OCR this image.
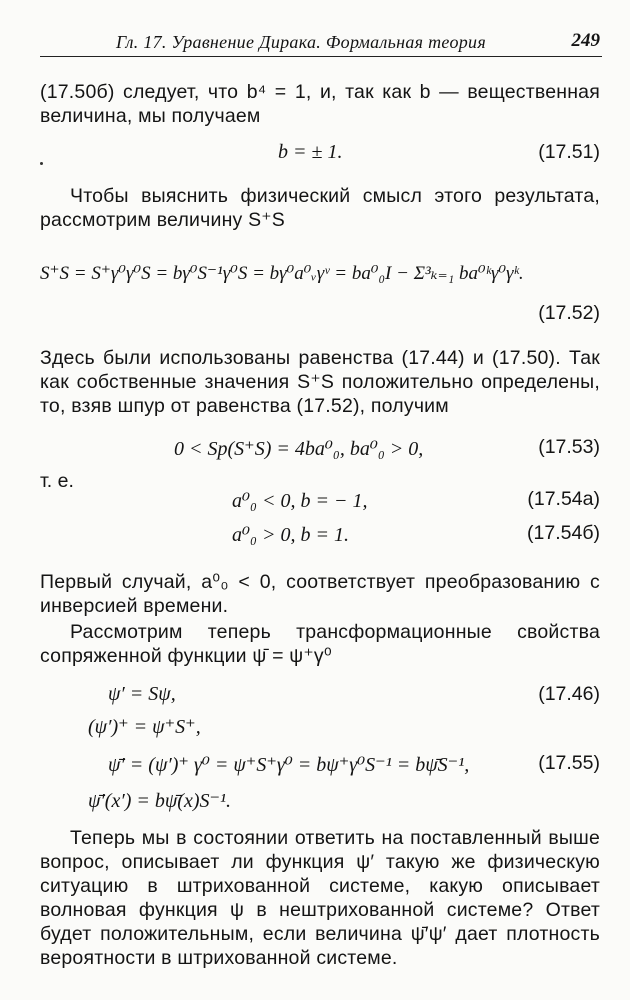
Гл. 17. Уравнение Дирака. Формальная теория	249
(17.50б) следует, что b⁴ = 1, и, так как b — вещественная величина, мы получаем
b = ± 1.	(17.51)
Чтобы выяснить физический смысл этого результата, рассмотрим величину S⁺S
S⁺S = S⁺γ⁰γ⁰S = bγ⁰S⁻¹γ⁰S = bγ⁰a⁰ᵥγᵛ = ba⁰₀I − Σ³ₖ₌₁ ba⁰ᵏγ⁰γᵏ.
(17.52)
Здесь были использованы равенства (17.44) и (17.50). Так как собственные значения S⁺S положительно определены, то, взяв шпур от равенства (17.52), получим
0 < Sp(S⁺S) = 4ba⁰₀, ba⁰₀ > 0,	(17.53)
т. е.
a⁰₀ < 0, b = − 1,	(17.54а)
a⁰₀ > 0, b = 1.	(17.54б)
Первый случай, a⁰₀ < 0, соответствует преобразованию с инверсией времени.
Рассмотрим теперь трансформационные свойства сопряженной функции ψ̄ = ψ⁺γ⁰
ψ′ = Sψ,	(17.46)
(ψ′)⁺ = ψ⁺S⁺,
ψ̄′ = (ψ′)⁺ γ⁰ = ψ⁺S⁺γ⁰ = bψ⁺γ⁰S⁻¹ = bψ̄S⁻¹,	(17.55)
ψ̄′(x′) = bψ̄(x)S⁻¹.
Теперь мы в состоянии ответить на поставленный выше вопрос, описывает ли функция ψ′ такую же физическую ситуацию в штрихованной системе, какую описывает волновая функция ψ в нештрихованной системе? Ответ будет положительным, если величина ψ̄′ψ′ дает плотность вероятности в штрихованной системе.
